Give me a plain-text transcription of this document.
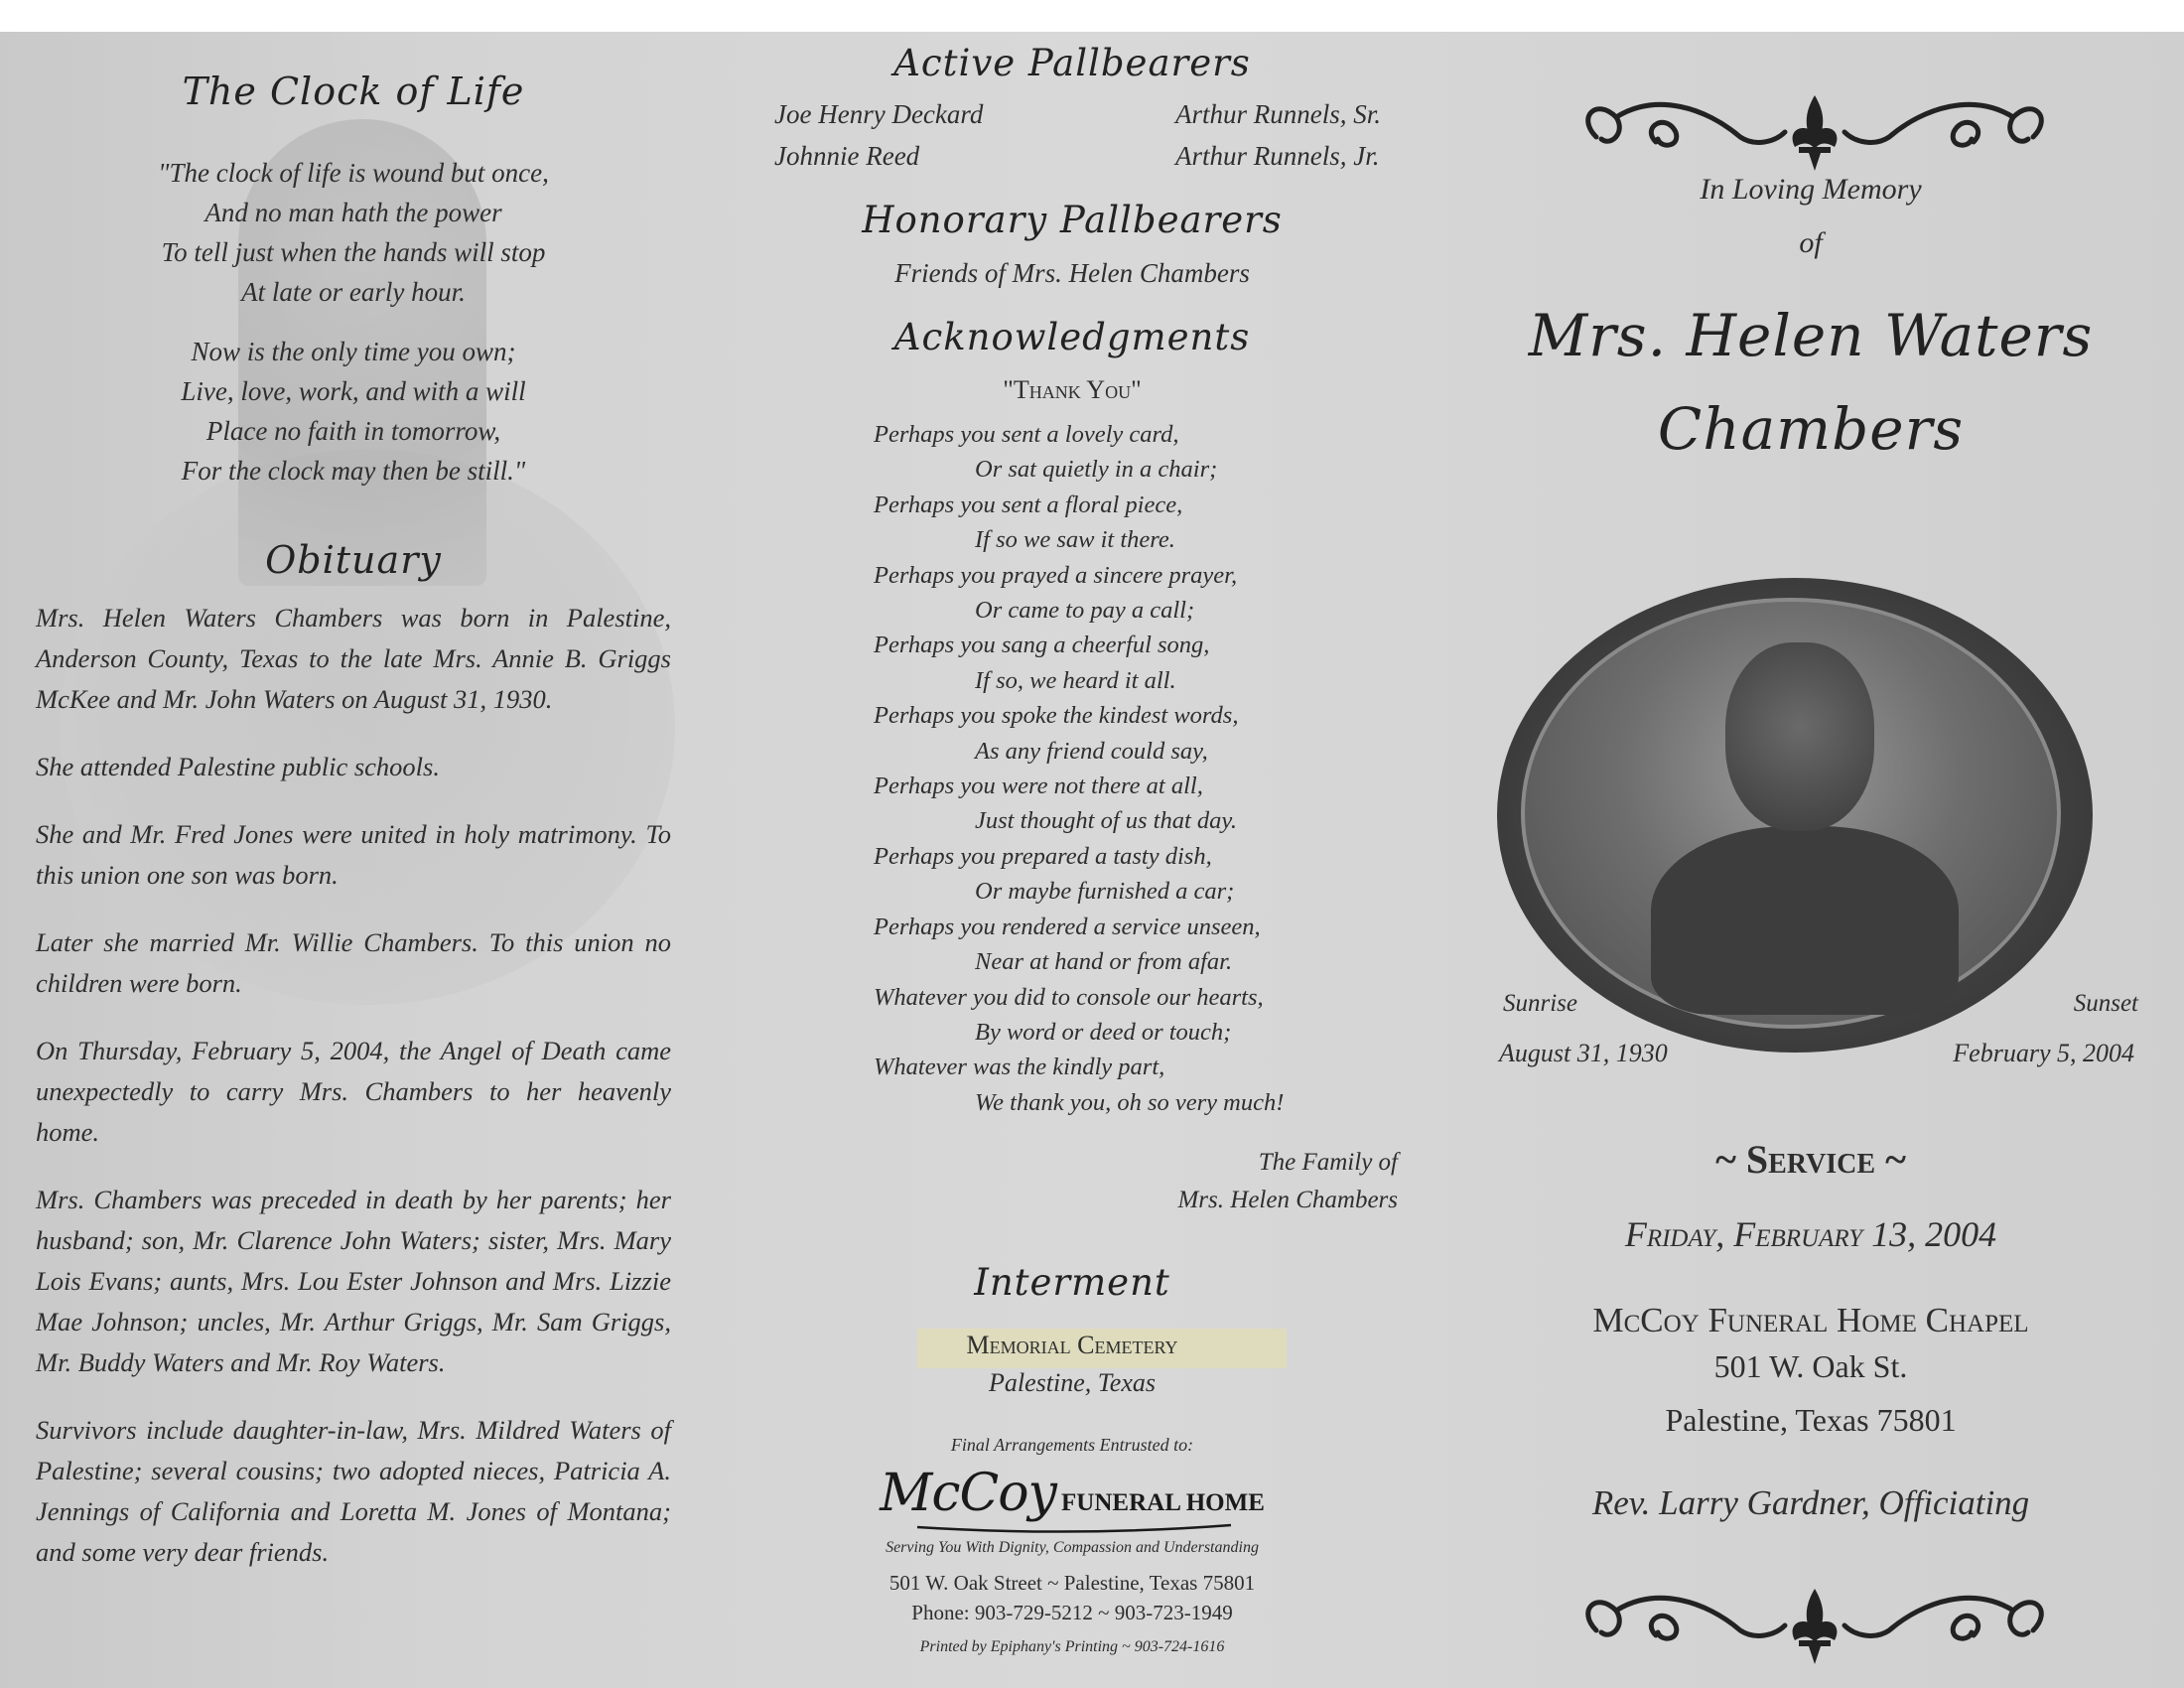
The Clock of Life
"The clock of life is wound but once,
And no man hath the power
To tell just when the hands will stop
At late or early hour.
Now is the only time you own;
Live, love, work, and with a will
Place no faith in tomorrow,
For the clock may then be still."
Obituary

Mrs. Helen Waters Chambers was born in Palestine, Anderson County, Texas to the late Mrs. Annie B. Griggs McKee and Mr. John Waters on August 31, 1930.

She attended Palestine public schools.

She and Mr. Fred Jones were united in holy matrimony. To this union one son was born.

Later she married Mr. Willie Chambers. To this union no children were born.

On Thursday, February 5, 2004, the Angel of Death came unexpectedly to carry Mrs. Chambers to her heavenly home.

Mrs. Chambers was preceded in death by her parents; her husband; son, Mr. Clarence John Waters; sister, Mrs. Mary Lois Evans; aunts, Mrs. Lou Ester Johnson and Mrs. Lizzie Mae Johnson; uncles, Mr. Arthur Griggs, Mr. Sam Griggs, Mr. Buddy Waters and Mr. Roy Waters.

Survivors include daughter-in-law, Mrs. Mildred Waters of Palestine; several cousins; two adopted nieces, Patricia A. Jennings of California and Loretta M. Jones of Montana; and some very dear friends.

Active Pallbearers
Joe Henry Deckard	Arthur Runnels, Sr.
Johnnie Reed	Arthur Runnels, Jr.
Honorary Pallbearers
Friends of Mrs. Helen Chambers
Acknowledgments
"Thank You"
Perhaps you sent a lovely card,
Or sat quietly in a chair;
Perhaps you sent a floral piece,
If so we saw it there.
Perhaps you prayed a sincere prayer,
Or came to pay a call;
Perhaps you sang a cheerful song,
If so, we heard it all.
Perhaps you spoke the kindest words,
As any friend could say,
Perhaps you were not there at all,
Just thought of us that day.
Perhaps you prepared a tasty dish,
Or maybe furnished a car;
Perhaps you rendered a service unseen,
Near at hand or from afar.
Whatever you did to console our hearts,
By word or deed or touch;
Whatever was the kindly part,
We thank you, oh so very much!
The Family of
Mrs. Helen Chambers
Interment
Memorial Cemetery
Palestine, Texas
Final Arrangements Entrusted to:
McCoy FUNERAL HOME
Serving You With Dignity, Compassion and Understanding
501 W. Oak Street ~ Palestine, Texas 75801
Phone: 903-729-5212 ~ 903-723-1949
Printed by Epiphany's Printing ~ 903-724-1616
In Loving Memory
of
Mrs. Helen Waters
Chambers
Sunrise	Sunset
August 31, 1930	February 5, 2004
~ Service ~
Friday, February 13, 2004
McCoy Funeral Home Chapel
501 W. Oak St.
Palestine, Texas 75801
Rev. Larry Gardner, Officiating
